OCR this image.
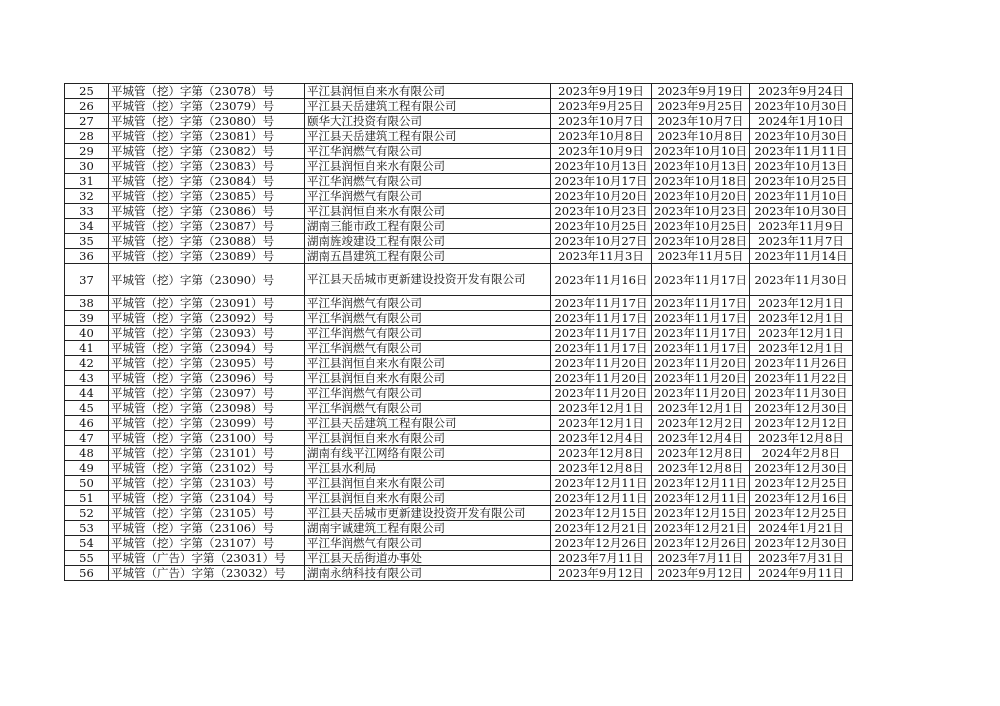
25	平城管（挖）字第（23078）号	平江县润恒自来水有限公司	2023年9月19日	2023年9月19日	2023年9月24日
26	平城管（挖）字第（23079）号	平江县天岳建筑工程有限公司	2023年9月25日	2023年9月25日	2023年10月30日
27	平城管（挖）字第（23080）号	颐华大江投资有限公司	2023年10月7日	2023年10月7日	2024年1月10日
28	平城管（挖）字第（23081）号	平江县天岳建筑工程有限公司	2023年10月8日	2023年10月8日	2023年10月30日
29	平城管（挖）字第（23082）号	平江华润燃气有限公司	2023年10月9日	2023年10月10日	2023年11月11日
30	平城管（挖）字第（23083）号	平江县润恒自来水有限公司	2023年10月13日	2023年10月13日	2023年10月13日
31	平城管（挖）字第（23084）号	平江华润燃气有限公司	2023年10月17日	2023年10月18日	2023年10月25日
32	平城管（挖）字第（23085）号	平江华润燃气有限公司	2023年10月20日	2023年10月20日	2023年11月10日
33	平城管（挖）字第（23086）号	平江县润恒自来水有限公司	2023年10月23日	2023年10月23日	2023年10月30日
34	平城管（挖）字第（23087）号	湖南三能市政工程有限公司	2023年10月25日	2023年10月25日	2023年11月9日
35	平城管（挖）字第（23088）号	湖南旌竣建设工程有限公司	2023年10月27日	2023年10月28日	2023年11月7日
36	平城管（挖）字第（23089）号	湖南五昌建筑工程有限公司	2023年11月3日	2023年11月5日	2023年11月14日
37	平城管（挖）字第（23090）号	平江县天岳城市更新建设投资开发有限公司	2023年11月16日	2023年11月17日	2023年11月30日
38	平城管（挖）字第（23091）号	平江华润燃气有限公司	2023年11月17日	2023年11月17日	2023年12月1日
39	平城管（挖）字第（23092）号	平江华润燃气有限公司	2023年11月17日	2023年11月17日	2023年12月1日
40	平城管（挖）字第（23093）号	平江华润燃气有限公司	2023年11月17日	2023年11月17日	2023年12月1日
41	平城管（挖）字第（23094）号	平江华润燃气有限公司	2023年11月17日	2023年11月17日	2023年12月1日
42	平城管（挖）字第（23095）号	平江县润恒自来水有限公司	2023年11月20日	2023年11月20日	2023年11月26日
43	平城管（挖）字第（23096）号	平江县润恒自来水有限公司	2023年11月20日	2023年11月20日	2023年11月22日
44	平城管（挖）字第（23097）号	平江华润燃气有限公司	2023年11月20日	2023年11月20日	2023年11月30日
45	平城管（挖）字第（23098）号	平江华润燃气有限公司	2023年12月1日	2023年12月1日	2023年12月30日
46	平城管（挖）字第（23099）号	平江县天岳建筑工程有限公司	2023年12月1日	2023年12月2日	2023年12月12日
47	平城管（挖）字第（23100）号	平江县润恒自来水有限公司	2023年12月4日	2023年12月4日	2023年12月8日
48	平城管（挖）字第（23101）号	湖南有线平江网络有限公司	2023年12月8日	2023年12月8日	2024年2月8日
49	平城管（挖）字第（23102）号	平江县水利局	2023年12月8日	2023年12月8日	2023年12月30日
50	平城管（挖）字第（23103）号	平江县润恒自来水有限公司	2023年12月11日	2023年12月11日	2023年12月25日
51	平城管（挖）字第（23104）号	平江县润恒自来水有限公司	2023年12月11日	2023年12月11日	2023年12月16日
52	平城管（挖）字第（23105）号	平江县天岳城市更新建设投资开发有限公司	2023年12月15日	2023年12月15日	2023年12月25日
53	平城管（挖）字第（23106）号	湖南宇诚建筑工程有限公司	2023年12月21日	2023年12月21日	2024年1月21日
54	平城管（挖）字第（23107）号	平江华润燃气有限公司	2023年12月26日	2023年12月26日	2023年12月30日
55	平城管（广告）字第（23031）号	平江县天岳街道办事处	2023年7月11日	2023年7月11日	2023年7月31日
56	平城管（广告）字第（23032）号	湖南永纳科技有限公司	2023年9月12日	2023年9月12日	2024年9月11日
